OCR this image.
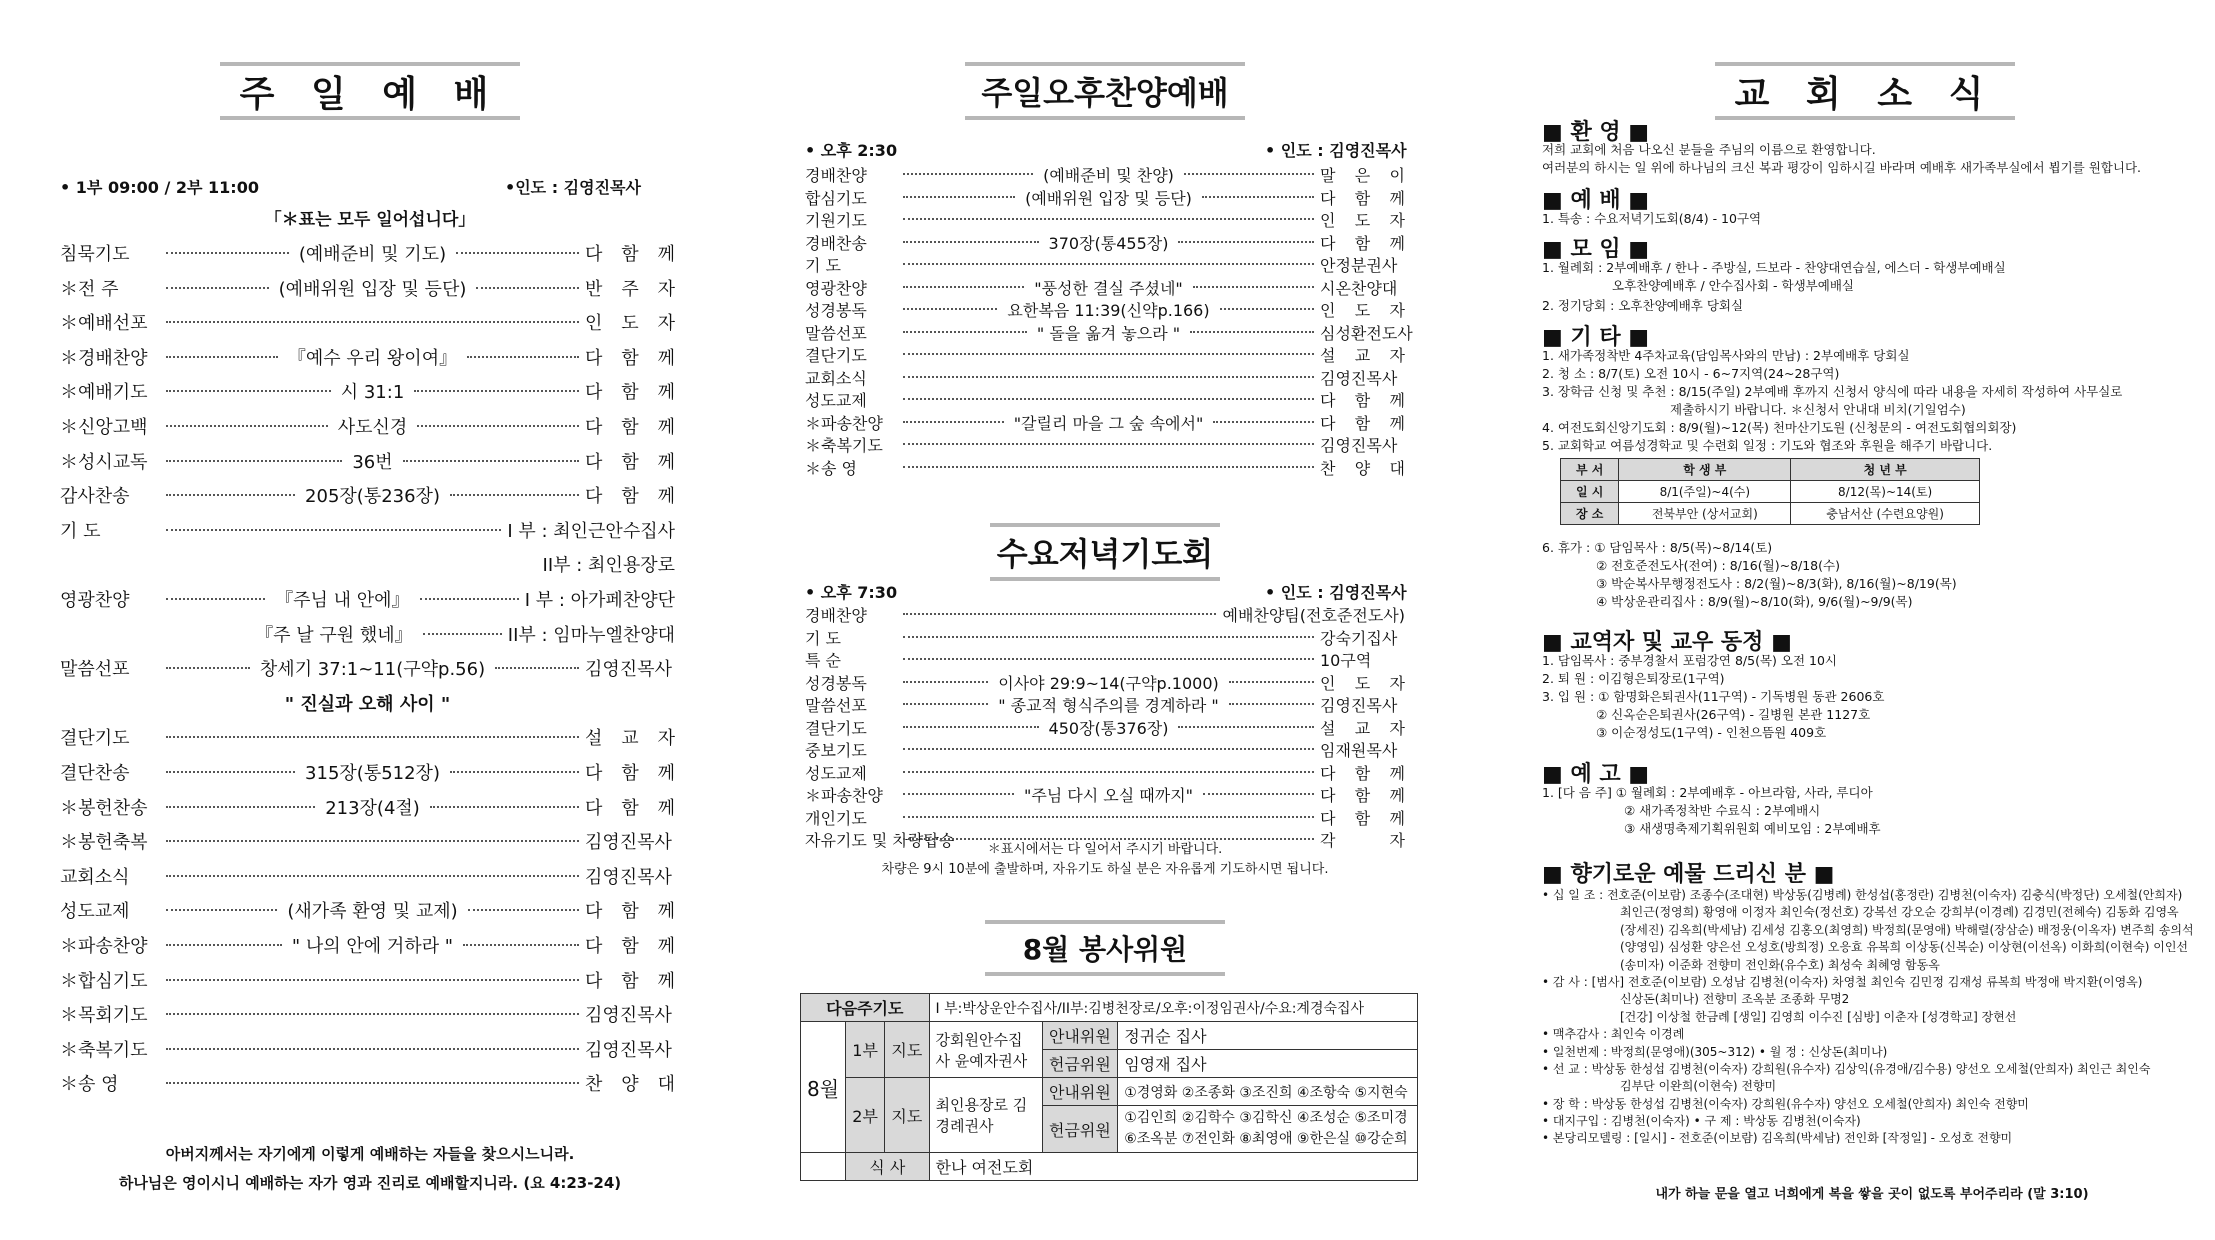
주 일 예 배
• 1부 09:00 / 2부 11:00	•인도 : 김영진목사
「＊표는 모두 일어섭니다」
침묵기도	(예배준비 및 기도)	다 함 께
＊전 주	(예배위원 입장 및 등단)	반 주 자
＊예배선포	인 도 자
＊경배찬양	『예수 우리 왕이여』	다 함 께
＊예배기도	시 31:1	다 함 께
＊신앙고백	사도신경	다 함 께
＊성시교독	36번	다 함 께
감사찬송	205장(통236장)	다 함 께
기 도	I 부 : 최인근안수집사
II부 : 최인용장로
영광찬양	『주님 내 안에』	I 부 : 아가페찬양단
『주 날 구원 했네』	II부 : 임마누엘찬양대
말씀선포	창세기 37:1~11(구약p.56)	김영진목사
" 진실과 오해 사이 "
결단기도	설 교 자
결단찬송	315장(통512장)	다 함 께
＊봉헌찬송	213장(4절)	다 함 께
＊봉헌축복	김영진목사
교회소식	김영진목사
성도교제	(새가족 환영 및 교제)	다 함 께
＊파송찬양	" 나의 안에 거하라 "	다 함 께
＊합심기도	다 함 께
＊목회기도	김영진목사
＊축복기도	김영진목사
＊송 영	찬 양 대
아버지께서는 자기에게 이렇게 예배하는 자들을 찾으시느니라.
하나님은 영이시니 예배하는 자가 영과 진리로 예배할지니라. (요 4:23-24)
주일오후찬양예배
• 오후 2:30	• 인도 : 김영진목사
경배찬양	(예배준비 및 찬양)	말 은 이
합심기도	(예배위원 입장 및 등단)	다 함 께
기원기도	인 도 자
경배찬송	370장(통455장)	다 함 께
기 도	안정분권사
영광찬양	"풍성한 결실 주셨네"	시온찬양대
성경봉독	요한복음 11:39(신약p.166)	인 도 자
말씀선포	" 돌을 옮겨 놓으라 "	심성환전도사
결단기도	설 교 자
교회소식	김영진목사
성도교제	다 함 께
＊파송찬양	"갈릴리 마을 그 숲 속에서"	다 함 께
＊축복기도	김영진목사
＊송 영	찬 양 대
수요저녁기도회
• 오후 7:30	• 인도 : 김영진목사
경배찬양	예배찬양팀(전호준전도사)
기 도	강숙기집사
특 순	10구역
성경봉독	이사야 29:9~14(구약p.1000)	인 도 자
말씀선포	" 종교적 형식주의를 경계하라 "	김영진목사
결단기도	450장(통376장)	설 교 자
중보기도	임재원목사
성도교제	다 함 께
＊파송찬양	"주님 다시 오실 때까지"	다 함 께
개인기도	다 함 께
자유기도 및 차량탑승	각 자
＊표시에서는 다 일어서 주시기 바랍니다.
차량은 9시 10분에 출발하며, 자유기도 하실 분은 자유롭게 기도하시면 됩니다.
8월 봉사위원
다음주기도			I 부:박상운안수집사/II부:김병천장로/오후:이정임권사/수요:계경숙집사		
8월	1부	지도	강회원안수집사 윤예자권사	안내위원	정귀순 집사
				헌금위원	임영재 집사
	2부	지도	최인용장로 김경례권사	안내위원	①경영화 ②조종화 ③조진희 ④조항숙 ⑤지현숙
				헌금위원	①김인희 ②김학수 ③김학신 ④조성순 ⑤조미경
⑥조옥분 ⑦전인화 ⑧최영애 ⑨한은실 ⑩강순희

	식 사		한나 여전도회		
교 회 소 식
■ 환 영 ■
저희 교회에 처음 나오신 분들을 주님의 이름으로 환영합니다.
여러분의 하시는 일 위에 하나님의 크신 복과 평강이 임하시길 바라며 예배후 새가족부실에서 뵙기를 원합니다.
■ 예 배 ■
1. 특송 : 수요저녁기도회(8/4) - 10구역
■ 모 임 ■
1. 월례회 : 2부예배후 / 한나 - 주방실, 드보라 - 찬양대연습실, 에스더 - 학생부예배실
오후찬양예배후 / 안수집사회 - 학생부예배실
2. 정기당회 : 오후찬양예배후 당회실
■ 기 타 ■
1. 새가족정착반 4주차교육(담임목사와의 만남) : 2부예배후 당회실
2. 청 소 : 8/7(토) 오전 10시 - 6~7지역(24~28구역)
3. 장학금 신청 및 추천 : 8/15(주일) 2부예배 후까지 신청서 양식에 따라 내용을 자세히 작성하여 사무실로
제출하시기 바랍니다. ＊신청서 안내대 비치(기일엄수)
4. 여전도회신앙기도회 : 8/9(월)~12(목) 천마산기도원 (신청문의 - 여전도회협의회장)
5. 교회학교 여름성경학교 및 수련회 일정 : 기도와 협조와 후원을 해주기 바랍니다.
부 서	학 생 부	청 년 부
일 시	8/1(주일)~4(수)	8/12(목)~14(토)
장 소	전북부안 (상서교회)	충남서산 (수련요양원)
6. 휴가 : ① 담임목사 : 8/5(목)~8/14(토)
② 전호준전도사(전여) : 8/16(월)~8/18(수)
③ 박순복사무행정전도사 : 8/2(월)~8/3(화), 8/16(월)~8/19(목)
④ 박상운관리집사 : 8/9(월)~8/10(화), 9/6(월)~9/9(목)
■ 교역자 및 교우 동정 ■
1. 담임목사 : 중부경찰서 포럼강연 8/5(목) 오전 10시
2. 퇴 원 : 이김형은퇴장로(1구역)
3. 입 원 : ① 함명화은퇴권사(11구역) - 기독병원 동관 2606호
② 신옥순은퇴권사(26구역) - 길병원 본관 1127호
③ 이순정성도(1구역) - 인천으뜸원 409호
■ 예 고 ■
1. [다 음 주] ① 월례회 : 2부예배후 - 아브라함, 사라, 루디아
② 새가족정착반 수료식 : 2부예배시
③ 새생명축제기획위원회 예비모임 : 2부예배후
■ 향기로운 예물 드리신 분 ■
• 십 일 조 : 전호준(이보람) 조종수(조대현) 박상동(김병례) 한성섭(홍정란) 김병천(이숙자) 김충식(박정단) 오세철(안희자)
최인근(정영희) 황영애 이정자 최인숙(정선호) 강복선 강오순 강희부(이경례) 김경민(전혜숙) 김동화 김영옥
(장세진) 김옥희(박세남) 김세성 김홍오(최영희) 박정희(문영애) 박해렬(장삼순) 배정웅(이옥자) 변주희 송의석
(양영임) 심성환 양은선 오성호(방희정) 오응효 유복희 이상동(신복순) 이상현(이선옥) 이화희(이현숙) 이인선
(송미자) 이준화 전향미 전인화(유수호) 최성숙 최혜영 함동옥
• 감 사 : [범사] 전호준(이보람) 오성남 김병천(이숙자) 차영철 최인숙 김민정 김재성 류복희 박정애 박지환(이영옥)
신상돈(최미나) 전향미 조옥분 조종화 무명2
[건강] 이상철 한금례 [생일] 김영희 이수진 [심방] 이춘자 [성경학교] 장현선
• 맥추감사 : 최인숙 이경례
• 일천번제 : 박정희(문영애)(305~312) • 월 정 : 신상돈(최미나)
• 선 교 : 박상동 한성섭 김병천(이숙자) 강희원(유수자) 김상익(유경애/김수용) 양선오 오세철(안희자) 최인근 최인숙
김부단 이완희(이현숙) 전향미
• 장 학 : 박상동 한성섭 김병천(이숙자) 강희원(유수자) 양선오 오세철(안희자) 최인숙 전향미
• 대지구입 : 김병천(이숙자) • 구 제 : 박상동 김병천(이숙자)
• 본당리모델링 : [일시] - 전호준(이보람) 김옥희(박세남) 전인화 [작정일] - 오성호 전향미
내가 하늘 문을 열고 너희에게 복을 쌓을 곳이 없도록 부어주리라 (말 3:10)
